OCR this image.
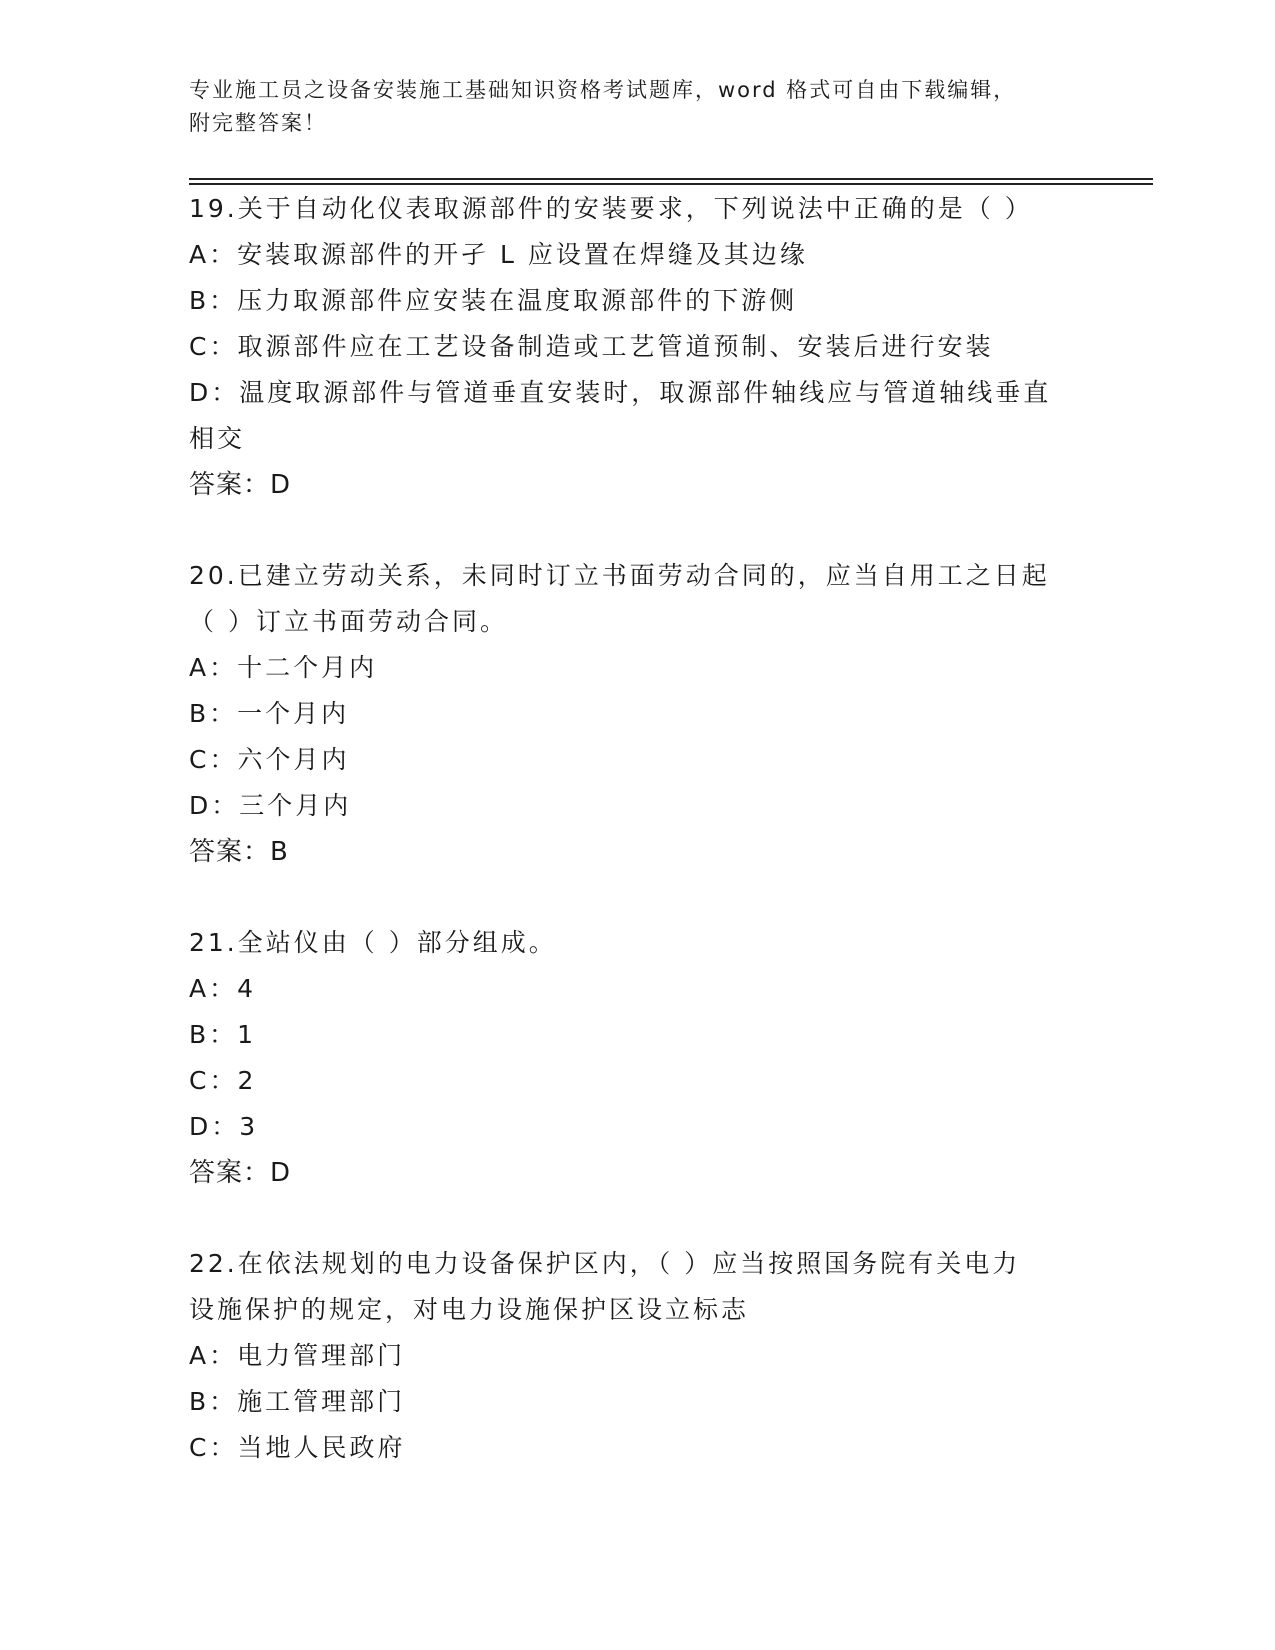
专业施工员之设备安装施工基础知识资格考试题库，word 格式可自由下载编辑，
附完整答案！
19.关于自动化仪表取源部件的安装要求，下列说法中正确的是（ ）
A：安装取源部件的开孑 L 应设置在焊缝及其边缘
B：压力取源部件应安装在温度取源部件的下游侧
C：取源部件应在工艺设备制造或工艺管道预制、安装后进行安装
D：温度取源部件与管道垂直安装时，取源部件轴线应与管道轴线垂直
相交
答案：D
20.已建立劳动关系，未同时订立书面劳动合同的，应当自用工之日起
（ ）订立书面劳动合同。
A：十二个月内
B：一个月内
C：六个月内
D：三个月内
答案：B
21.全站仪由（ ）部分组成。
A：4
B：1
C：2
D：3
答案：D
22.在依法规划的电力设备保护区内，（ ）应当按照国务院有关电力
设施保护的规定，对电力设施保护区设立标志
A：电力管理部门
B：施工管理部门
C：当地人民政府
